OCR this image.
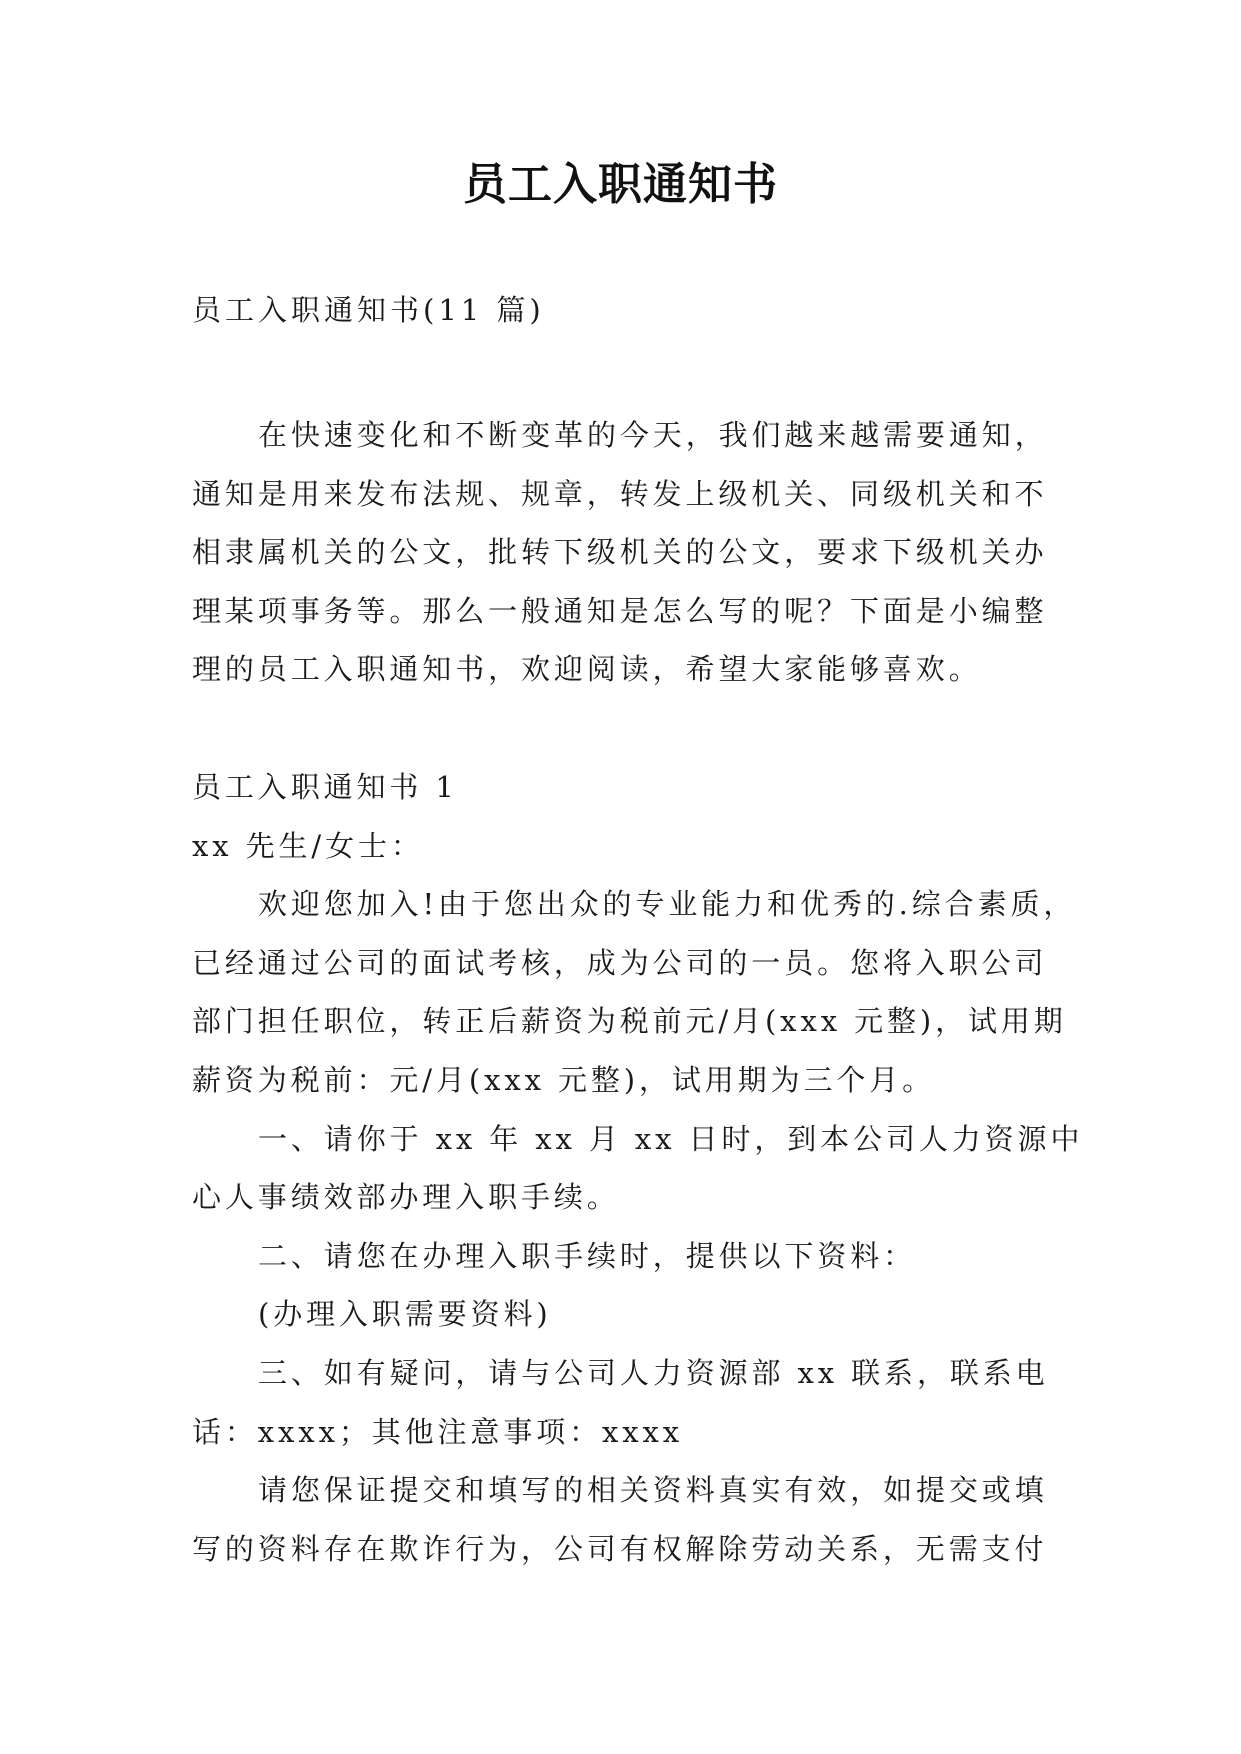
员工入职通知书
员工入职通知书(11 篇)
在快速变化和不断变革的今天，我们越来越需要通知，
通知是用来发布法规、规章，转发上级机关、同级机关和不
相隶属机关的公文，批转下级机关的公文，要求下级机关办
理某项事务等。那么一般通知是怎么写的呢？下面是小编整
理的员工入职通知书，欢迎阅读，希望大家能够喜欢。
员工入职通知书 1
xx 先生/女士：
欢迎您加入!由于您出众的专业能力和优秀的.综合素质，
已经通过公司的面试考核，成为公司的一员。您将入职公司
部门担任职位，转正后薪资为税前元/月(xxx 元整)，试用期
薪资为税前：元/月(xxx 元整)，试用期为三个月。
一、请你于 xx 年 xx 月 xx 日时，到本公司人力资源中
心人事绩效部办理入职手续。
二、请您在办理入职手续时，提供以下资料：
(办理入职需要资料)
三、如有疑问，请与公司人力资源部 xx 联系，联系电
话：xxxx；其他注意事项：xxxx
请您保证提交和填写的相关资料真实有效，如提交或填
写的资料存在欺诈行为，公司有权解除劳动关系，无需支付
